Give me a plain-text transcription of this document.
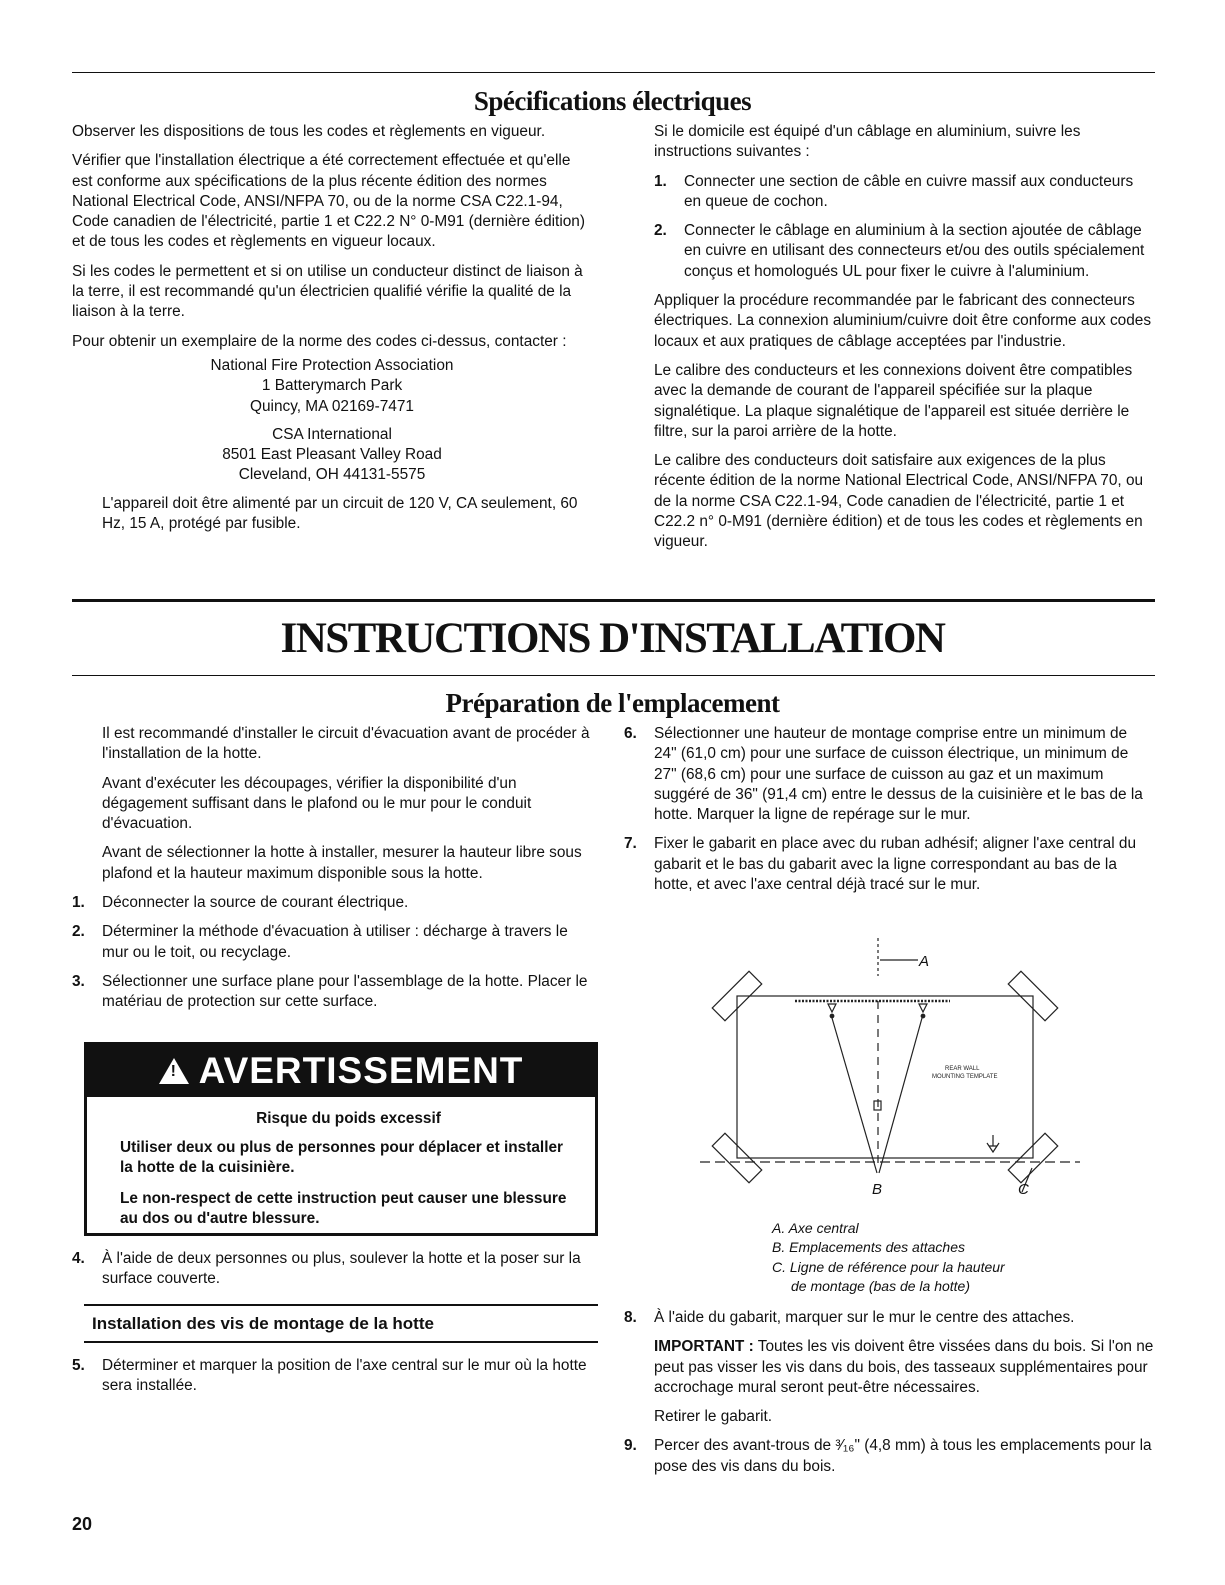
Spécifications électriques

Observer les dispositions de tous les codes et règlements en vigueur.

Vérifier que l'installation électrique a été correctement effectuée et qu'elle est conforme aux spécifications de la plus récente édition des normes National Electrical Code, ANSI/NFPA 70, ou de la norme CSA C22.1-94, Code canadien de l'électricité, partie 1 et C22.2 N° 0-M91 (dernière édition) et de tous les codes et règlements en vigueur locaux.

Si les codes le permettent et si on utilise un conducteur distinct de liaison à la terre, il est recommandé qu'un électricien qualifié vérifie la qualité de la liaison à la terre.

Pour obtenir un exemplaire de la norme des codes ci-dessus, contacter :

National Fire Protection Association
1 Batterymarch Park
Quincy, MA 02169-7471
CSA International
8501 East Pleasant Valley Road
Cleveland, OH 44131-5575

L'appareil doit être alimenté par un circuit de 120 V, CA seulement, 60 Hz, 15 A, protégé par fusible.

Si le domicile est équipé d'un câblage en aluminium, suivre les instructions suivantes :

1. Connecter une section de câble en cuivre massif aux conducteurs en queue de cochon.
2. Connecter le câblage en aluminium à la section ajoutée de câblage en cuivre en utilisant des connecteurs et/ou des outils spécialement conçus et homologués UL pour fixer le cuivre à l'aluminium.

Appliquer la procédure recommandée par le fabricant des connecteurs électriques. La connexion aluminium/cuivre doit être conforme aux codes locaux et aux pratiques de câblage acceptées par l'industrie.

Le calibre des conducteurs et les connexions doivent être compatibles avec la demande de courant de l'appareil spécifiée sur la plaque signalétique. La plaque signalétique de l'appareil est située derrière le filtre, sur la paroi arrière de la hotte.

Le calibre des conducteurs doit satisfaire aux exigences de la plus récente édition de la norme National Electrical Code, ANSI/NFPA 70, ou de la norme CSA C22.1-94, Code canadien de l'électricité, partie 1 et C22.2 n° 0-M91 (dernière édition) et de tous les codes et règlements en vigueur.

INSTRUCTIONS D'INSTALLATION
Préparation de l'emplacement

Il est recommandé d'installer le circuit d'évacuation avant de procéder à l'installation de la hotte.

Avant d'exécuter les découpages, vérifier la disponibilité d'un dégagement suffisant dans le plafond ou le mur pour le conduit d'évacuation.

Avant de sélectionner la hotte à installer, mesurer la hauteur libre sous plafond et la hauteur maximum disponible sous la hotte.

1. Déconnecter la source de courant électrique.
2. Déterminer la méthode d'évacuation à utiliser : décharge à travers le mur ou le toit, ou recyclage.
3. Sélectionner une surface plane pour l'assemblage de la hotte. Placer le matériau de protection sur cette surface.
! AVERTISSEMENT

Risque du poids excessif

Utiliser deux ou plus de personnes pour déplacer et installer la hotte de la cuisinière.

Le non-respect de cette instruction peut causer une blessure au dos ou d'autre blessure.

4. À l'aide de deux personnes ou plus, soulever la hotte et la poser sur la surface couverte.
Installation des vis de montage de la hotte
5. Déterminer et marquer la position de l'axe central sur le mur où la hotte sera installée.
6. Sélectionner une hauteur de montage comprise entre un minimum de 24" (61,0 cm) pour une surface de cuisson électrique, un minimum de 27" (68,6 cm) pour une surface de cuisson au gaz et un maximum suggéré de 36" (91,4 cm) entre le dessus de la cuisinière et le bas de la hotte. Marquer la ligne de repérage sur le mur.
7. Fixer le gabarit en place avec du ruban adhésif; aligner l'axe central du gabarit et le bas du gabarit avec la ligne correspondant au bas de la hotte, et avec l'axe central déjà tracé sur le mur.
REAR WALL
MOUNTING TEMPLATE
A
B	C
A. Axe central
B. Emplacements des attaches
C. Ligne de référence pour la hauteur
de montage (bas de la hotte)
8. À l'aide du gabarit, marquer sur le mur le centre des attaches.
IMPORTANT : Toutes les vis doivent être vissées dans du bois. Si l'on ne peut pas visser les vis dans du bois, des tasseaux supplémentaires pour accrochage mural seront peut-être nécessaires.
Retirer le gabarit.
9. Percer des avant-trous de ³⁄₁₆" (4,8 mm) à tous les emplacements pour la pose des vis dans du bois.
20
